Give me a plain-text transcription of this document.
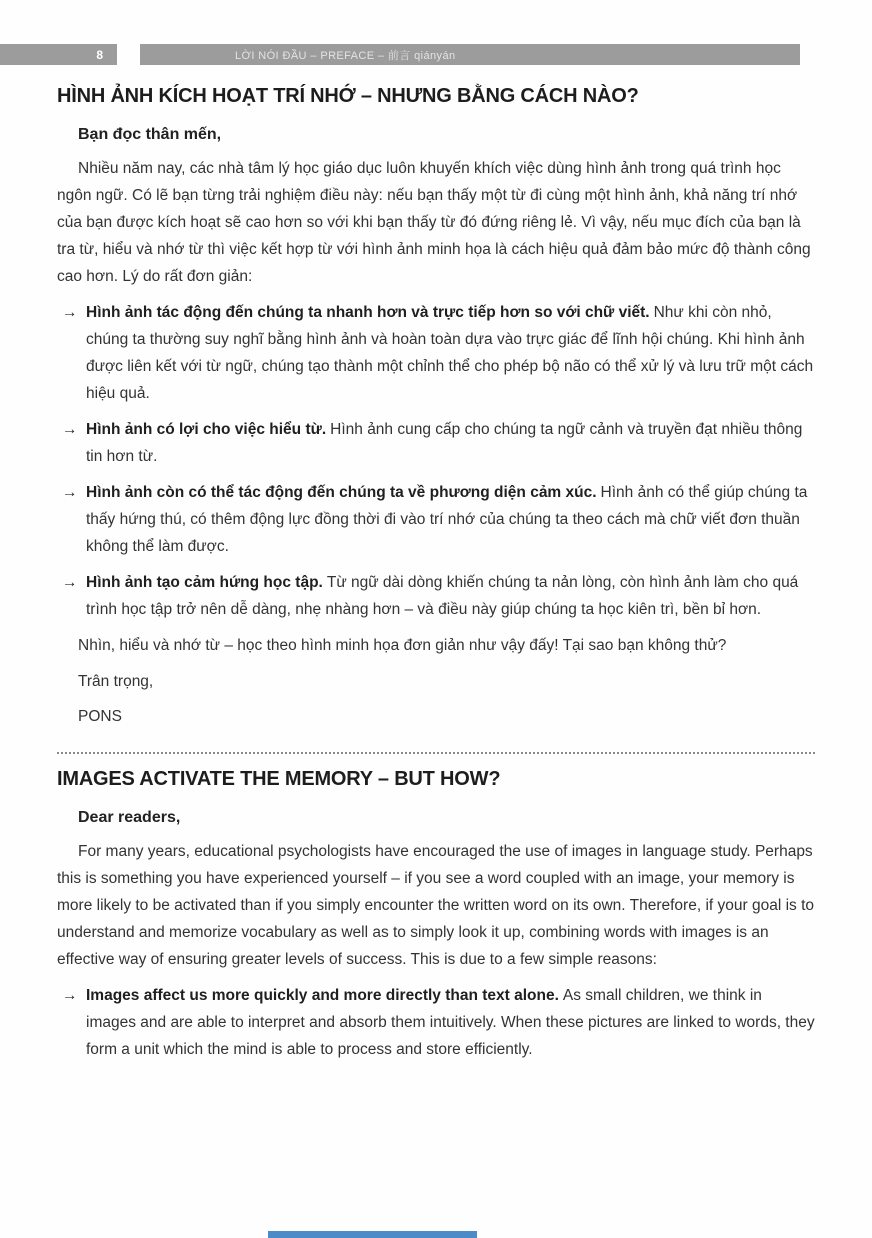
8	LỜI NÓI ĐẦU – PREFACE – 前言 qiányán
HÌNH ẢNH KÍCH HOẠT TRÍ NHỚ – NHƯNG BẰNG CÁCH NÀO?
Bạn đọc thân mến,

Nhiều năm nay, các nhà tâm lý học giáo dục luôn khuyến khích việc dùng hình ảnh trong quá trình học ngôn ngữ. Có lẽ bạn từng trải nghiệm điều này: nếu bạn thấy một từ đi cùng một hình ảnh, khả năng trí nhớ của bạn được kích hoạt sẽ cao hơn so với khi bạn thấy từ đó đứng riêng lẻ. Vì vậy, nếu mục đích của bạn là tra từ, hiểu và nhớ từ thì việc kết hợp từ với hình ảnh minh họa là cách hiệu quả đảm bảo mức độ thành công cao hơn. Lý do rất đơn giản:

→ Hình ảnh tác động đến chúng ta nhanh hơn và trực tiếp hơn so với chữ viết. Như khi còn nhỏ, chúng ta thường suy nghĩ bằng hình ảnh và hoàn toàn dựa vào trực giác để lĩnh hội chúng. Khi hình ảnh được liên kết với từ ngữ, chúng tạo thành một chỉnh thể cho phép bộ não có thể xử lý và lưu trữ một cách hiệu quả.

→ Hình ảnh có lợi cho việc hiểu từ. Hình ảnh cung cấp cho chúng ta ngữ cảnh và truyền đạt nhiều thông tin hơn từ.

→ Hình ảnh còn có thể tác động đến chúng ta về phương diện cảm xúc. Hình ảnh có thể giúp chúng ta thấy hứng thú, có thêm động lực đồng thời đi vào trí nhớ của chúng ta theo cách mà chữ viết đơn thuần không thể làm được.

→ Hình ảnh tạo cảm hứng học tập. Từ ngữ dài dòng khiến chúng ta nản lòng, còn hình ảnh làm cho quá trình học tập trở nên dễ dàng, nhẹ nhàng hơn – và điều này giúp chúng ta học kiên trì, bền bỉ hơn.

Nhìn, hiểu và nhớ từ – học theo hình minh họa đơn giản như vậy đấy! Tại sao bạn không thử?

Trân trọng,
PONS
IMAGES ACTIVATE THE MEMORY – BUT HOW?
Dear readers,

For many years, educational psychologists have encouraged the use of images in language study. Perhaps this is something you have experienced yourself – if you see a word coupled with an image, your memory is more likely to be activated than if you simply encounter the written word on its own. Therefore, if your goal is to understand and memorize vocabulary as well as to simply look it up, combining words with images is an effective way of ensuring greater levels of success. This is due to a few simple reasons:

→ Images affect us more quickly and more directly than text alone. As small children, we think in images and are able to interpret and absorb them intuitively. When these pictures are linked to words, they form a unit which the mind is able to process and store efficiently.
